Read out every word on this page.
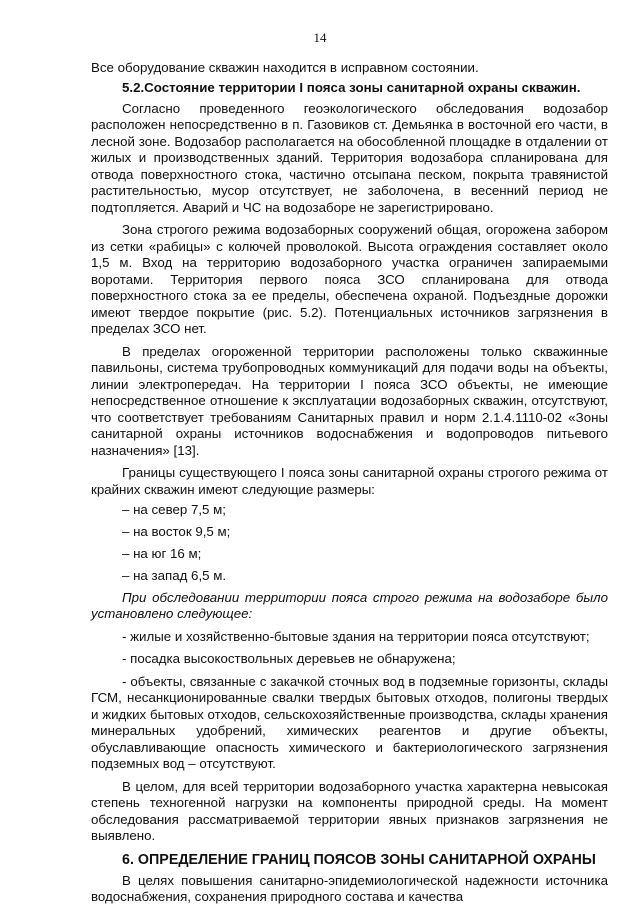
14

Все оборудование скважин находится в исправном состоянии.

5.2.Состояние территории I пояса зоны санитарной охраны скважин.

Согласно проведенного геоэкологического обследования водозабор расположен непосредственно в п. Газовиков ст. Демьянка в восточной его части, в лесной зоне. Водозабор располагается на обособленной площадке в отдалении от жилых и производственных зданий. Территория водозабора спланирована для отвода поверхностного стока, частично отсыпана песком, покрыта травянистой растительностью, мусор отсутствует, не заболочена, в весенний период не подтопляется. Аварий и ЧС на водозаборе не зарегистрировано.

Зона строгого режима водозаборных сооружений общая, огорожена забором из сетки «рабицы» с колючей проволокой. Высота ограждения составляет около 1,5 м. Вход на территорию водозаборного участка ограничен запираемыми воротами. Территория первого пояса ЗСО спланирована для отвода поверхностного стока за ее пределы, обеспечена охраной. Подъездные дорожки имеют твердое покрытие (рис. 5.2). Потенциальных источников загрязнения в пределах ЗСО нет.

В пределах огороженной территории расположены только скважинные павильоны, система трубопроводных коммуникаций для подачи воды на объекты, линии электропередач. На территории I пояса ЗСО объекты, не имеющие непосредственное отношение к эксплуатации водозаборных скважин, отсутствуют, что соответствует требованиям Санитарных правил и норм 2.1.4.1110-02 «Зоны санитарной охраны источников водоснабжения и водопроводов питьевого назначения» [13].

Границы существующего I пояса зоны санитарной охраны строгого режима от крайних скважин имеют следующие размеры:

– на север 7,5 м;

– на восток 9,5 м;

– на юг 16 м;

– на запад 6,5 м.

При обследовании территории пояса строго режима на водозаборе было установлено следующее:

- жилые и хозяйственно-бытовые здания на территории пояса отсутствуют;

- посадка высокоствольных деревьев не обнаружена;

- объекты, связанные с закачкой сточных вод в подземные горизонты, склады ГСМ, несанкционированные свалки твердых бытовых отходов, полигоны твердых и жидких бытовых отходов, сельскохозяйственные производства, склады хранения минеральных удобрений, химических реагентов и другие объекты, обуславливающие опасность химического и бактериологического загрязнения подземных вод – отсутствуют.

В целом, для всей территории водозаборного участка характерна невысокая степень техногенной нагрузки на компоненты природной среды. На момент обследования рассматриваемой территории явных признаков загрязнения не выявлено.

6. ОПРЕДЕЛЕНИЕ ГРАНИЦ ПОЯСОВ ЗОНЫ САНИТАРНОЙ ОХРАНЫ

В целях повышения санитарно-эпидемиологической надежности источника водоснабжения, сохранения природного состава и качества
